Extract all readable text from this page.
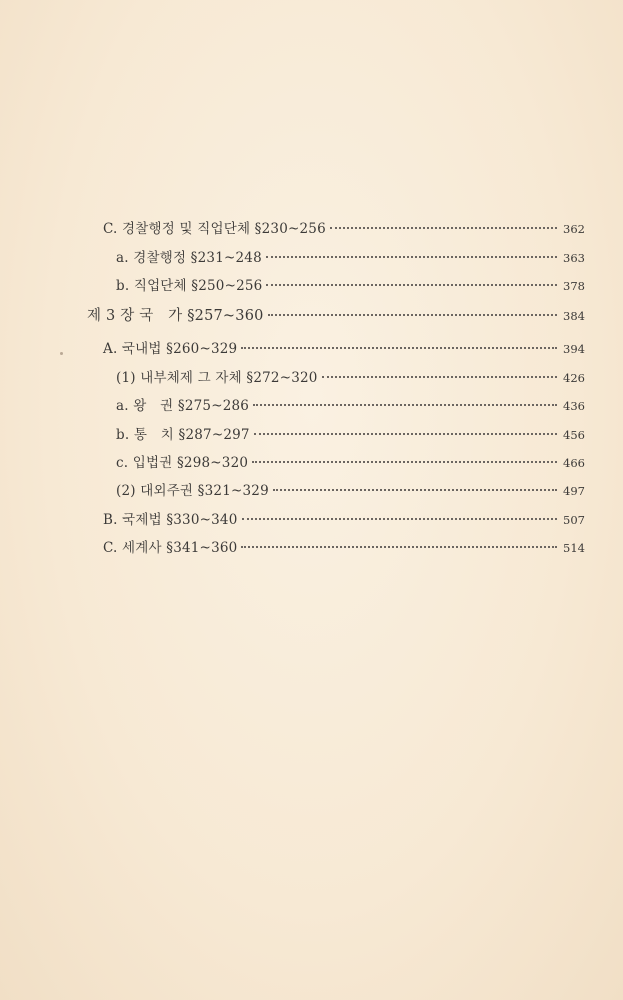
C. 경찰행정 및 직업단체 §230~256	362
a. 경찰행정 §231~248	363
b. 직업단체 §250~256	378
제 3 장 국　가 §257~360	384
A. 국내법 §260~329	394
(1) 내부체제 그 자체 §272~320	426
a. 왕　권 §275~286	436
b. 통　치 §287~297	456
c. 입법권 §298~320	466
(2) 대외주권 §321~329	497
B. 국제법 §330~340	507
C. 세계사 §341~360	514
